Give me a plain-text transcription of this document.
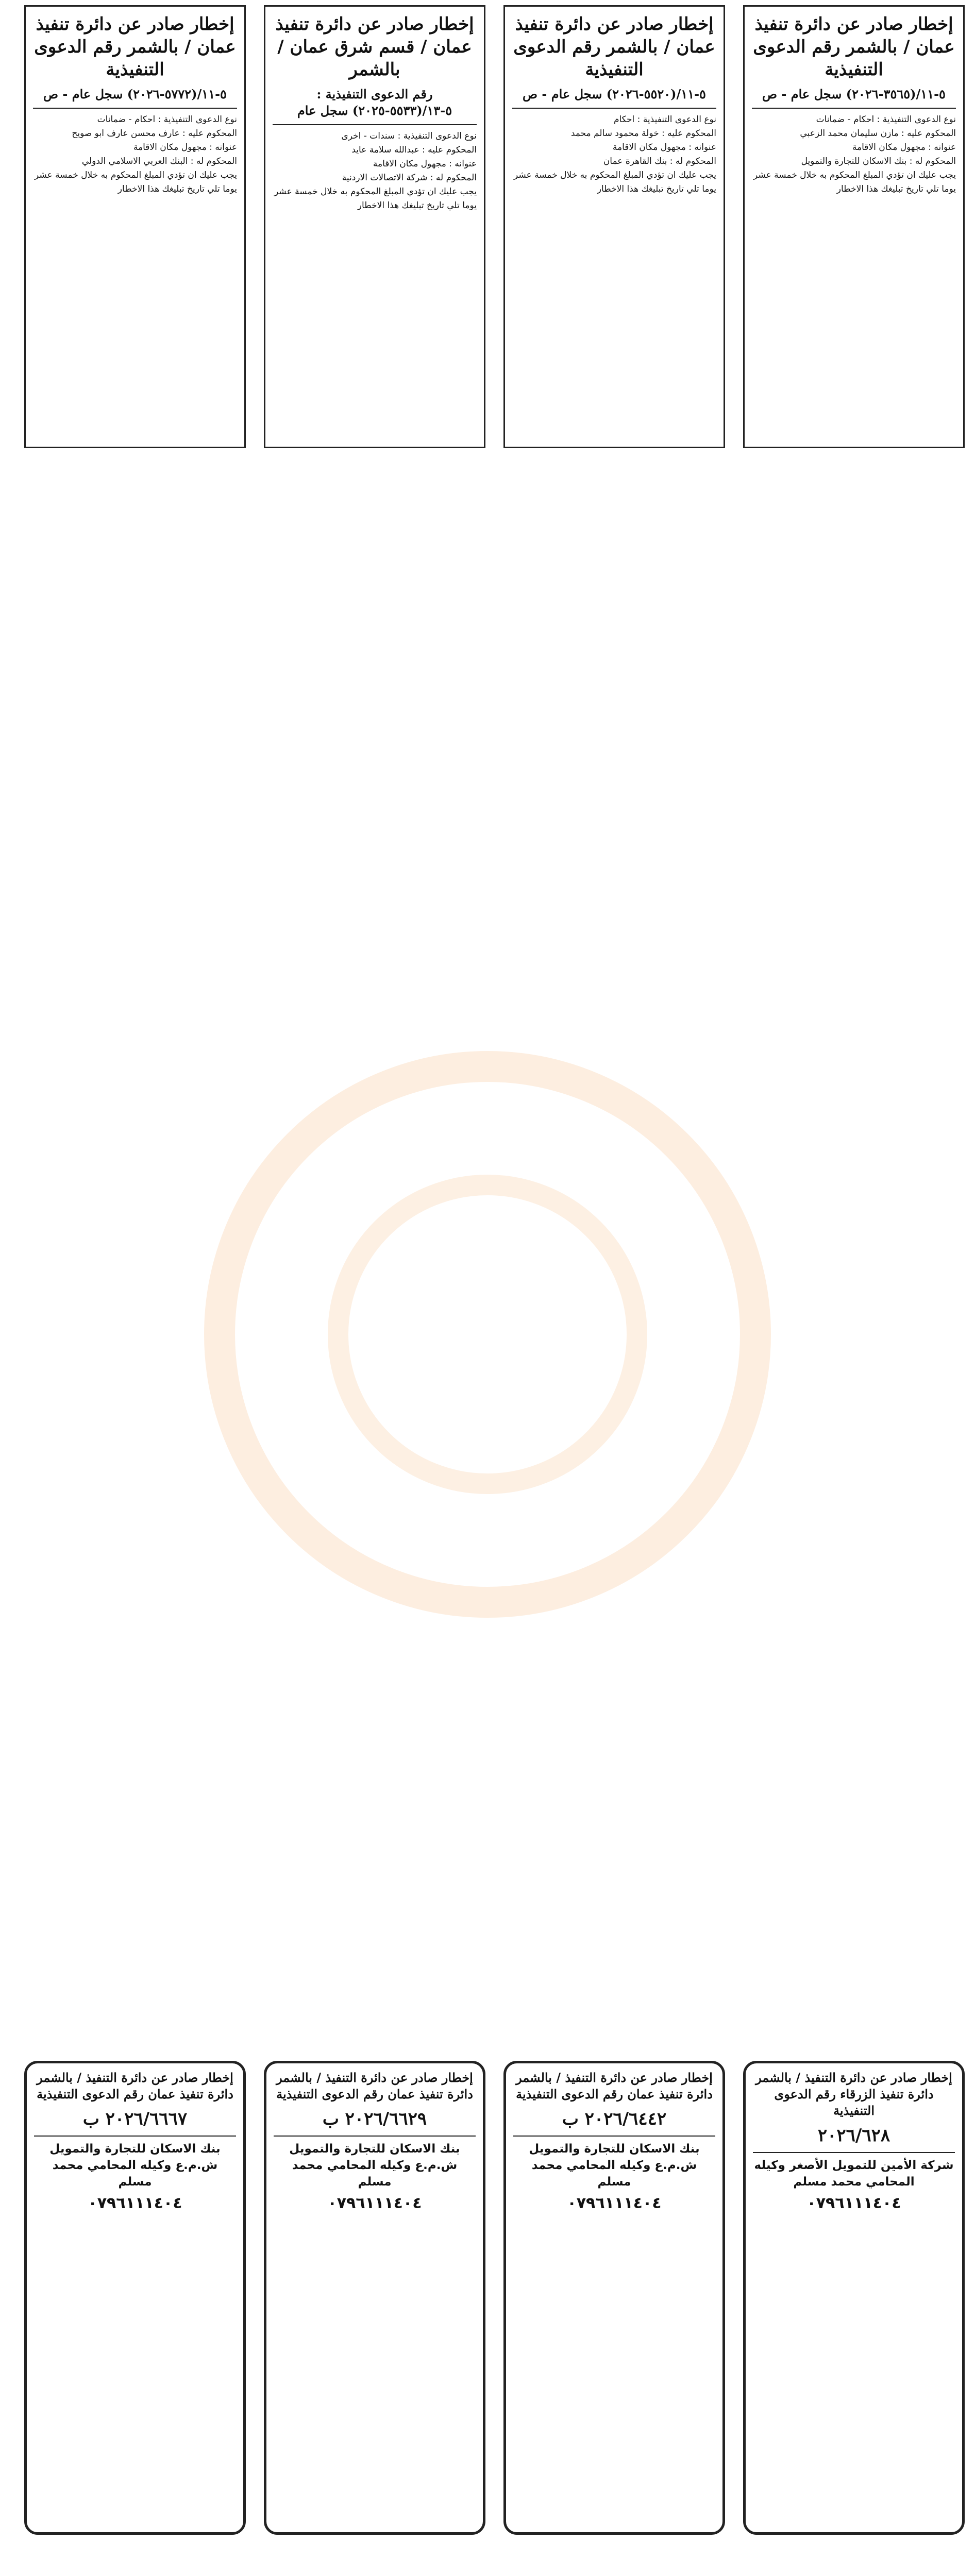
إخطار صادر عن دائرة تنفيذ عمان / بالشمر رقم الدعوى التنفيذية
٥-١١/(٣٥٦٥-٢٠٢٦) سجل عام - ص

نوع الدعوى التنفيذية : احكام - ضمانات

المحكوم عليه : مازن سليمان محمد الزعبي

عنوانه : مجهول مكان الاقامة

المحكوم له : بنك الاسكان للتجارة والتمويل

يجب عليك ان تؤدي المبلغ المحكوم به خلال خمسة عشر يوما تلي تاريخ تبليغك هذا الاخطار

إخطار صادر عن دائرة تنفيذ عمان / بالشمر رقم الدعوى التنفيذية
٥-١١/(٥٥٢٠-٢٠٢٦) سجل عام - ص

نوع الدعوى التنفيذية : احكام

المحكوم عليه : خولة محمود سالم محمد

عنوانه : مجهول مكان الاقامة

المحكوم له : بنك القاهرة عمان

يجب عليك ان تؤدي المبلغ المحكوم به خلال خمسة عشر يوما تلي تاريخ تبليغك هذا الاخطار

إخطار صادر عن دائرة تنفيذ عمان / قسم شرق عمان / بالشمر
رقم الدعوى التنفيذية : ٥-١٣/(٥٥٣٣-٢٠٢٥) سجل عام

نوع الدعوى التنفيذية : سندات - اخرى

المحكوم عليه : عبدالله سلامة عايد

عنوانه : مجهول مكان الاقامة

المحكوم له : شركة الاتصالات الاردنية

يجب عليك ان تؤدي المبلغ المحكوم به خلال خمسة عشر يوما تلي تاريخ تبليغك هذا الاخطار

إخطار صادر عن دائرة تنفيذ عمان / بالشمر رقم الدعوى التنفيذية
٥-١١/(٥٧٧٢-٢٠٢٦) سجل عام - ص

نوع الدعوى التنفيذية : احكام - ضمانات

المحكوم عليه : عارف محسن عارف ابو صويح

عنوانه : مجهول مكان الاقامة

المحكوم له : البنك العربي الاسلامي الدولي

يجب عليك ان تؤدي المبلغ المحكوم به خلال خمسة عشر يوما تلي تاريخ تبليغك هذا الاخطار

إخطار صادر عن دائرة التنفيذ / بالشمر دائرة تنفيذ الزرقاء رقم الدعوى التنفيذية
٢٠٢٦/٦٢٨
شركة الأمين للتمويل الأصغر وكيله المحامي محمد مسلم
٠٧٩٦١١١٤٠٤
إخطار صادر عن دائرة التنفيذ / بالشمر دائرة تنفيذ عمان رقم الدعوى التنفيذية
٢٠٢٦/٦٤٤٢ ب
بنك الاسكان للتجارة والتمويل ش.م.ع وكيله المحامي محمد مسلم
٠٧٩٦١١١٤٠٤
إخطار صادر عن دائرة التنفيذ / بالشمر دائرة تنفيذ عمان رقم الدعوى التنفيذية
٢٠٢٦/٦٦٢٩ ب
بنك الاسكان للتجارة والتمويل ش.م.ع وكيله المحامي محمد مسلم
٠٧٩٦١١١٤٠٤
إخطار صادر عن دائرة التنفيذ / بالشمر دائرة تنفيذ عمان رقم الدعوى التنفيذية
٢٠٢٦/٦٦٦٧ ب
بنك الاسكان للتجارة والتمويل ش.م.ع وكيله المحامي محمد مسلم
٠٧٩٦١١١٤٠٤
